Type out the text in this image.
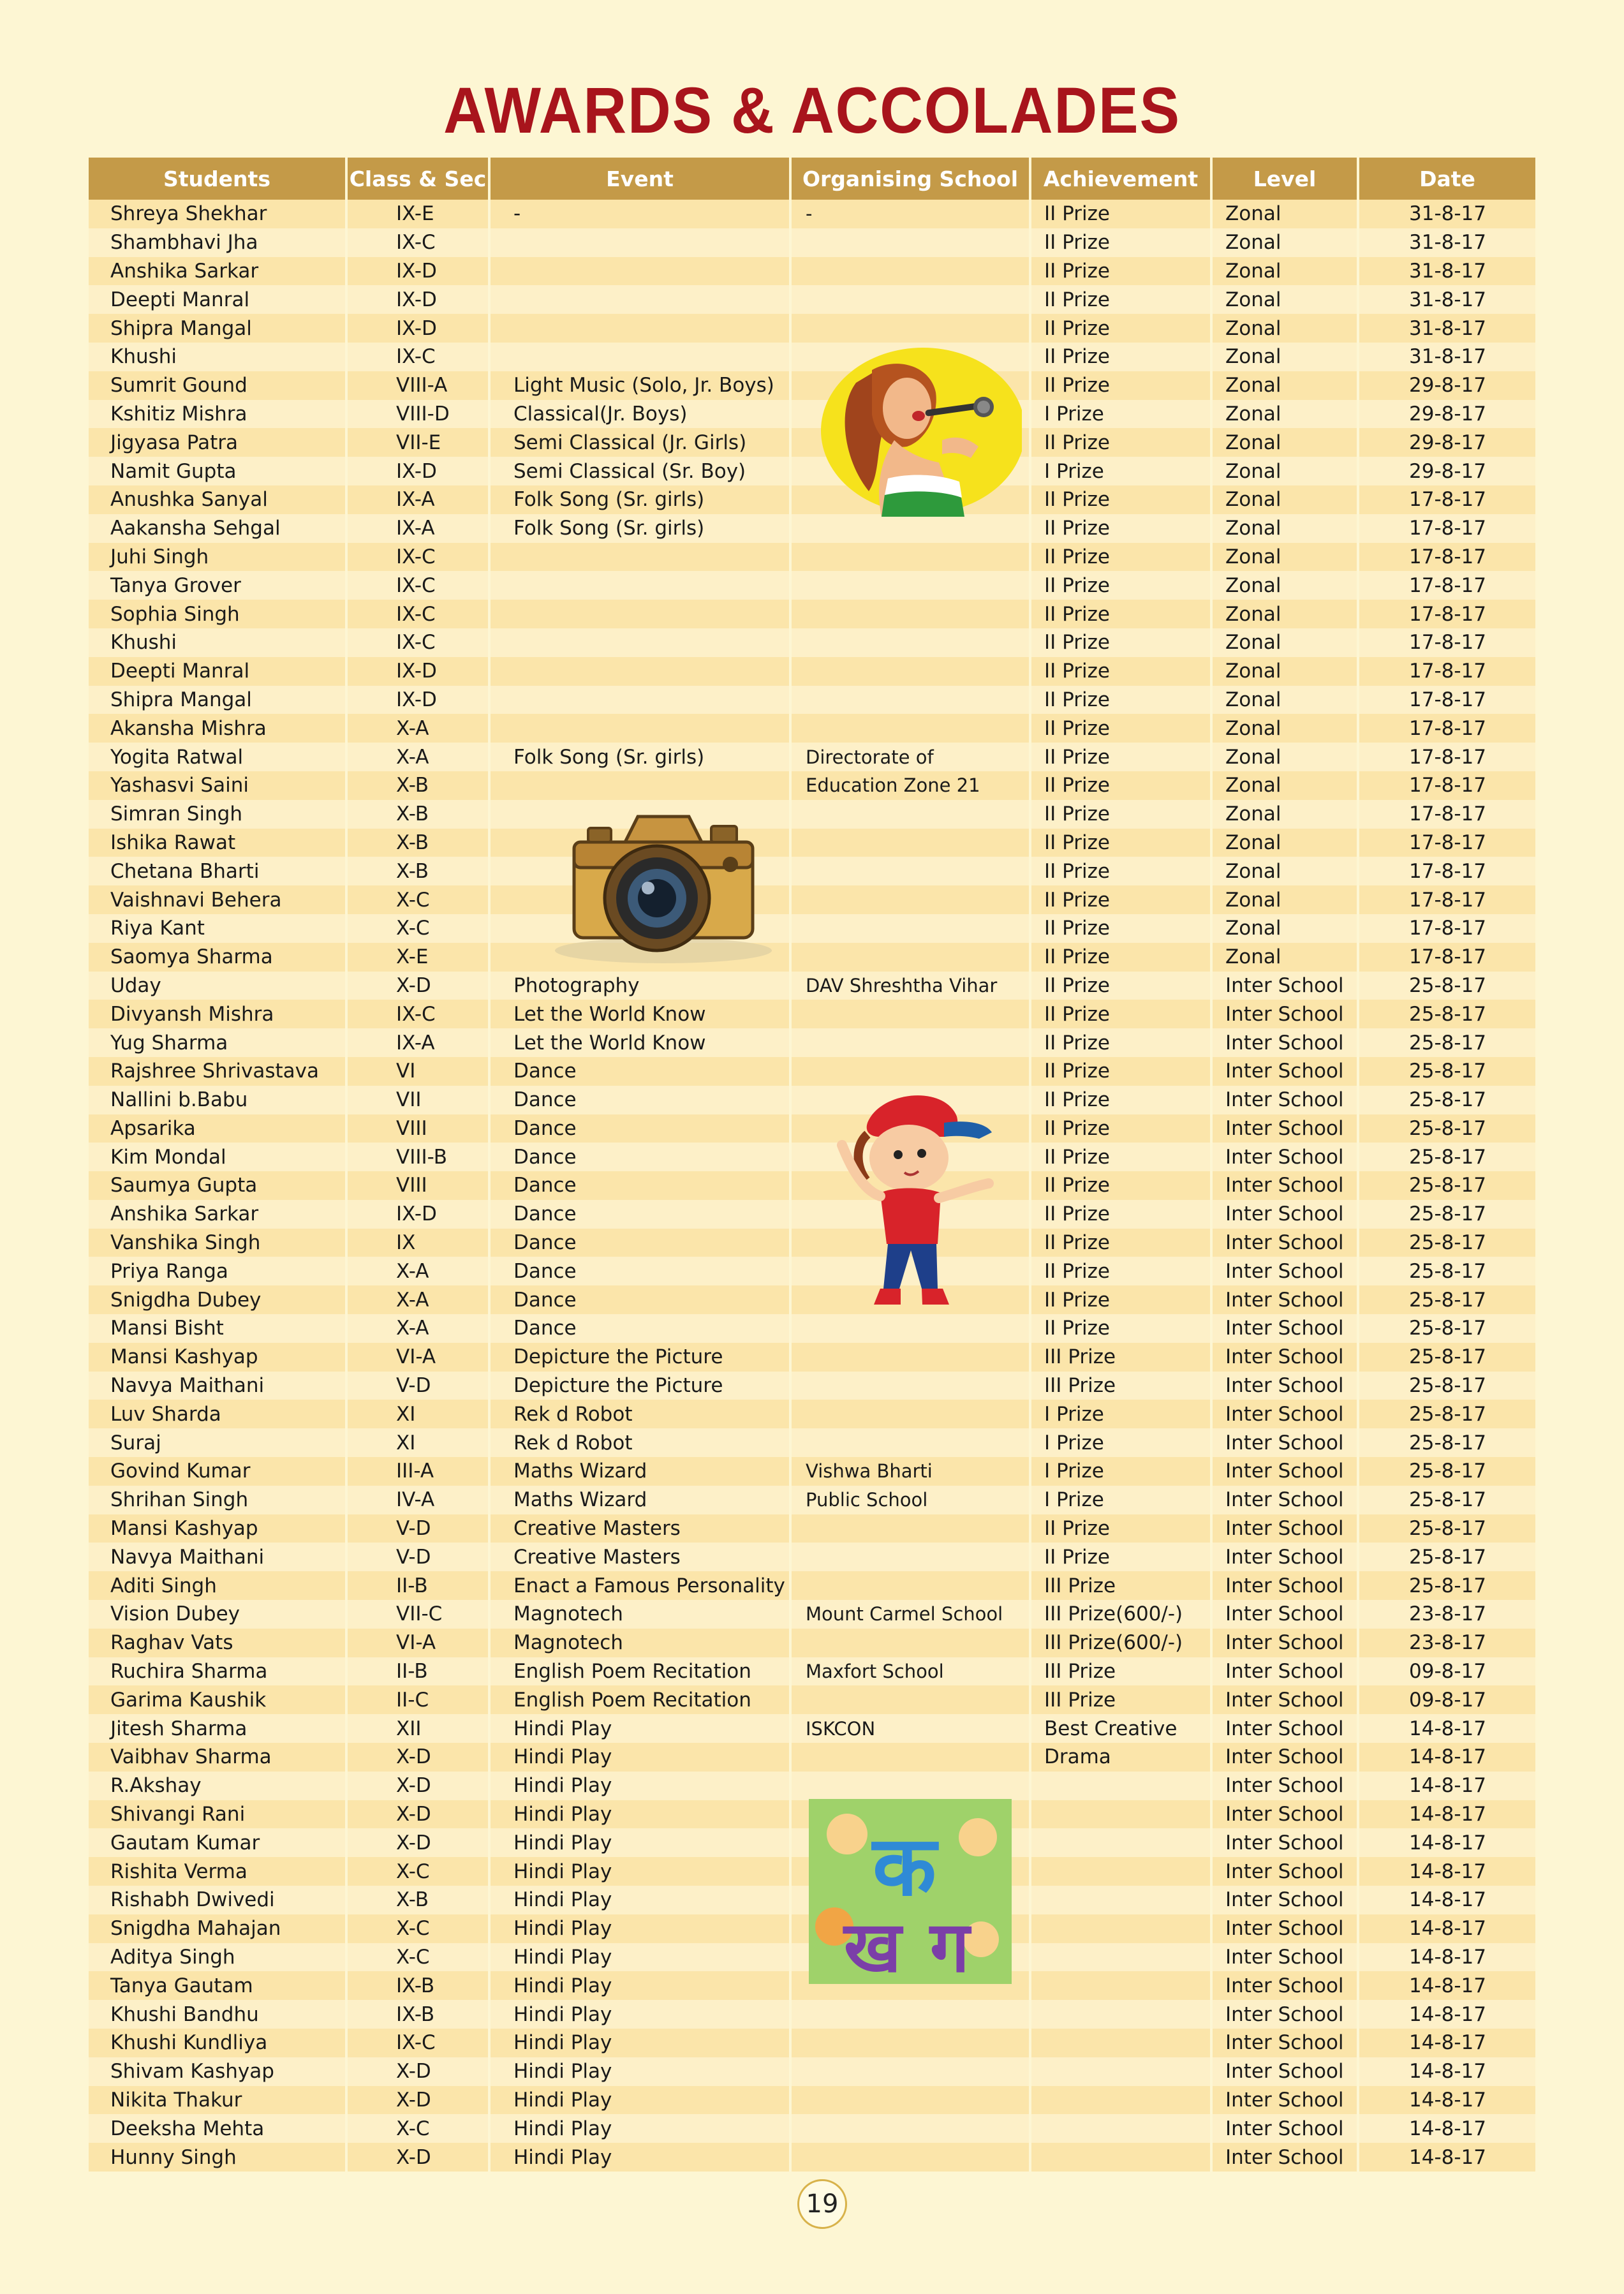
AWARDS & ACCOLADES
Students	Class & Sec	Event	Organising School	Achievement	Level	Date
Shreya Shekhar	IX-E	-	-	II Prize	Zonal	31-8-17
Shambhavi Jha	IX-C			II Prize	Zonal	31-8-17
Anshika Sarkar	IX-D			II Prize	Zonal	31-8-17
Deepti Manral	IX-D			II Prize	Zonal	31-8-17
Shipra Mangal	IX-D			II Prize	Zonal	31-8-17
Khushi	IX-C			II Prize	Zonal	31-8-17
Sumrit Gound	VIII-A	Light Music (Solo, Jr. Boys)		II Prize	Zonal	29-8-17
Kshitiz Mishra	VIII-D	Classical(Jr. Boys)		I Prize	Zonal	29-8-17
Jigyasa Patra	VII-E	Semi Classical (Jr. Girls)		II Prize	Zonal	29-8-17
Namit Gupta	IX-D	Semi Classical (Sr. Boy)		I Prize	Zonal	29-8-17
Anushka Sanyal	IX-A	Folk Song (Sr. girls)		II Prize	Zonal	17-8-17
Aakansha Sehgal	IX-A	Folk Song (Sr. girls)		II Prize	Zonal	17-8-17
Juhi Singh	IX-C			II Prize	Zonal	17-8-17
Tanya Grover	IX-C			II Prize	Zonal	17-8-17
Sophia Singh	IX-C			II Prize	Zonal	17-8-17
Khushi	IX-C			II Prize	Zonal	17-8-17
Deepti Manral	IX-D			II Prize	Zonal	17-8-17
Shipra Mangal	IX-D			II Prize	Zonal	17-8-17
Akansha Mishra	X-A			II Prize	Zonal	17-8-17
Yogita Ratwal	X-A	Folk Song (Sr. girls)	Directorate of	II Prize	Zonal	17-8-17
Yashasvi Saini	X-B		Education Zone 21	II Prize	Zonal	17-8-17
Simran Singh	X-B			II Prize	Zonal	17-8-17
Ishika Rawat	X-B			II Prize	Zonal	17-8-17
Chetana Bharti	X-B			II Prize	Zonal	17-8-17
Vaishnavi Behera	X-C			II Prize	Zonal	17-8-17
Riya Kant	X-C			II Prize	Zonal	17-8-17
Saomya Sharma	X-E			II Prize	Zonal	17-8-17
Uday	X-D	Photography	DAV Shreshtha Vihar	II Prize	Inter School	25-8-17
Divyansh Mishra	IX-C	Let the World Know		II Prize	Inter School	25-8-17
Yug Sharma	IX-A	Let the World Know		II Prize	Inter School	25-8-17
Rajshree Shrivastava	VI	Dance		II Prize	Inter School	25-8-17
Nallini b.Babu	VII	Dance		II Prize	Inter School	25-8-17
Apsarika	VIII	Dance		II Prize	Inter School	25-8-17
Kim Mondal	VIII-B	Dance		II Prize	Inter School	25-8-17
Saumya Gupta	VIII	Dance		II Prize	Inter School	25-8-17
Anshika Sarkar	IX-D	Dance		II Prize	Inter School	25-8-17
Vanshika Singh	IX	Dance		II Prize	Inter School	25-8-17
Priya Ranga	X-A	Dance		II Prize	Inter School	25-8-17
Snigdha Dubey	X-A	Dance		II Prize	Inter School	25-8-17
Mansi Bisht	X-A	Dance		II Prize	Inter School	25-8-17
Mansi Kashyap	VI-A	Depicture the Picture		III Prize	Inter School	25-8-17
Navya Maithani	V-D	Depicture the Picture		III Prize	Inter School	25-8-17
Luv Sharda	XI	Rek d Robot		I Prize	Inter School	25-8-17
Suraj	XI	Rek d Robot		I Prize	Inter School	25-8-17
Govind Kumar	III-A	Maths Wizard	Vishwa Bharti	I Prize	Inter School	25-8-17
Shrihan Singh	IV-A	Maths Wizard	Public School	I Prize	Inter School	25-8-17
Mansi Kashyap	V-D	Creative Masters		II Prize	Inter School	25-8-17
Navya Maithani	V-D	Creative Masters		II Prize	Inter School	25-8-17
Aditi Singh	II-B	Enact a Famous Personality		III Prize	Inter School	25-8-17
Vision Dubey	VII-C	Magnotech	Mount Carmel School	III Prize(600/-)	Inter School	23-8-17
Raghav Vats	VI-A	Magnotech		III Prize(600/-)	Inter School	23-8-17
Ruchira Sharma	II-B	English Poem Recitation	Maxfort School	III Prize	Inter School	09-8-17
Garima Kaushik	II-C	English Poem Recitation		III Prize	Inter School	09-8-17
Jitesh Sharma	XII	Hindi Play	ISKCON	Best Creative	Inter School	14-8-17
Vaibhav Sharma	X-D	Hindi Play		Drama	Inter School	14-8-17
R.Akshay	X-D	Hindi Play			Inter School	14-8-17
Shivangi Rani	X-D	Hindi Play			Inter School	14-8-17
Gautam Kumar	X-D	Hindi Play			Inter School	14-8-17
Rishita Verma	X-C	Hindi Play			Inter School	14-8-17
Rishabh Dwivedi	X-B	Hindi Play			Inter School	14-8-17
Snigdha Mahajan	X-C	Hindi Play			Inter School	14-8-17
Aditya Singh	X-C	Hindi Play			Inter School	14-8-17
Tanya Gautam	IX-B	Hindi Play			Inter School	14-8-17
Khushi Bandhu	IX-B	Hindi Play			Inter School	14-8-17
Khushi Kundliya	IX-C	Hindi Play			Inter School	14-8-17
Shivam Kashyap	X-D	Hindi Play			Inter School	14-8-17
Nikita Thakur	X-D	Hindi Play			Inter School	14-8-17
Deeksha Mehta	X-C	Hindi Play			Inter School	14-8-17
Hunny Singh	X-D	Hindi Play			Inter School	14-8-17
क
ख ग
19
